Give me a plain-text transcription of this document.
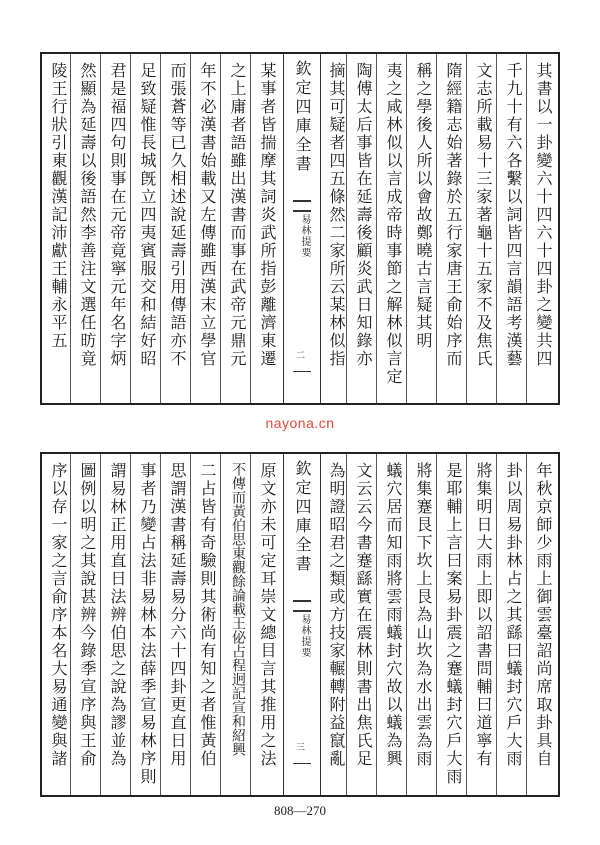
其書以一卦變六十四六十四卦之變共四
千九十有六各繫以詞皆四言韻語考漢藝
文志所載易十三家著龜十五家不及焦氏
隋經籍志始著錄於五行家唐王俞始序而
稱之學後人所以會故鄭曉古言疑其明
夷之咸林似以言成帝時事節之解林似言定
陶傅太后事皆在延壽後顧炎武日知錄亦
摘其可疑者四五條然二家所云某林似指
欽定四庫全書
易林提要
二
某事者皆揣摩其詞炎武所指彭離濟東遷
之上庸者語雖出漢書而事在武帝元鼎元
年不必漢書始載又左傳雖西漢末立學官
而張蒼等已久相述說延壽引用傳語亦不
足致疑惟長城旣立四夷賓服交和結好昭
君是福四句則事在元帝竟寧元年名字炳
然顯為延壽以後語然李善注文選任昉竟
陵王行狀引東觀漢記沛獻王輔永平五
nayona.cn
年秋京師少雨上御雲臺詔尚席取卦具自
卦以周易卦林占之其繇曰蟻封穴戶大雨
將集明日大雨上即以詔書問輔曰道寧有
是耶輔上言曰案易卦震之蹇蟻封穴戶大雨
將集蹇艮下坎上艮為山坎為水出雲為雨
蟻穴居而知雨將雲雨蟻封穴故以蟻為興
文云云今書蹇繇實在震林則書出焦氏足
為明證昭君之類或方技家輾轉附益竄亂
欽定四庫全書
易林提要
三
原文亦未可定耳崇文總目言其推用之法
不傳而黃伯思東觀餘論載王佖占程迥記宣和紹興
二占皆有奇驗則其術尚有知之者惟黃伯
思謂漢書稱延壽易分六十四卦更直日用
事者乃變占法非易林本法薛季宣易林序則
謂易林正用直日法辨伯思之說為謬並為
圖例以明之其說甚辨今錄季宣序與王俞
序以存一家之言俞序本名大易通變與諸
808—270
